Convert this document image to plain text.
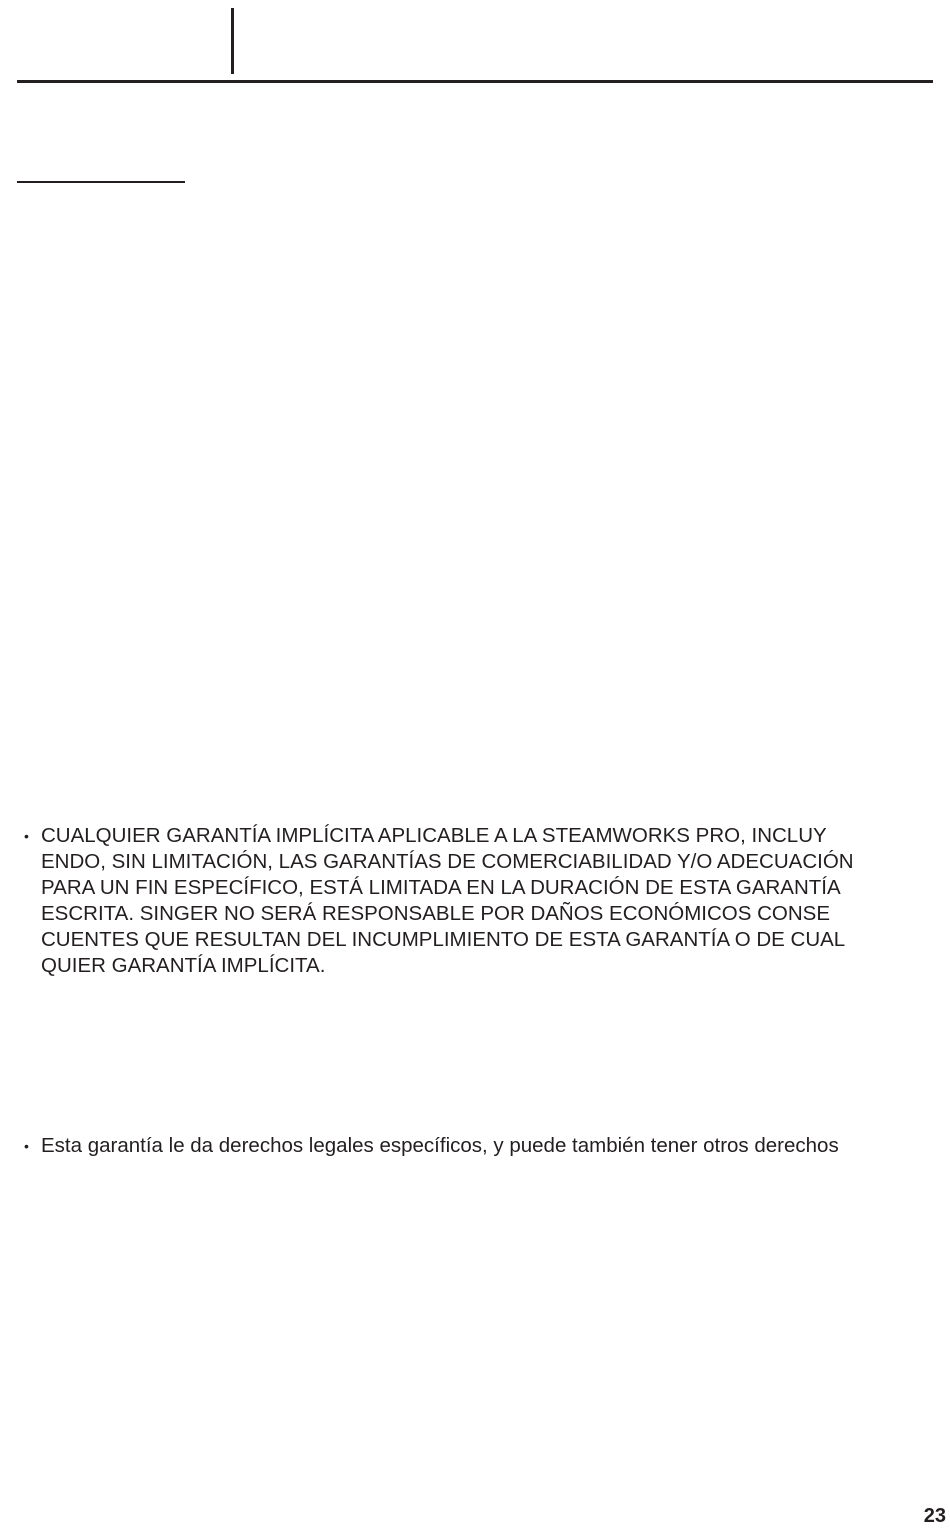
• CUALQUIER GARANTÍA IMPLÍCITA APLICABLE A LA STEAMWORKS PRO, INCLUY
ENDO, SIN LIMITACIÓN, LAS GARANTÍAS DE COMERCIABILIDAD Y/O ADECUACIÓN
PARA UN FIN ESPECÍFICO, ESTÁ LIMITADA EN LA DURACIÓN DE ESTA GARANTÍA
ESCRITA. SINGER NO SERÁ RESPONSABLE POR DAÑOS ECONÓMICOS CONSE
CUENTES QUE RESULTAN DEL INCUMPLIMIENTO DE ESTA GARANTÍA O DE CUAL
QUIER GARANTÍA IMPLÍCITA.
• Esta garantía le da derechos legales específicos, y puede también tener otros derechos
23
